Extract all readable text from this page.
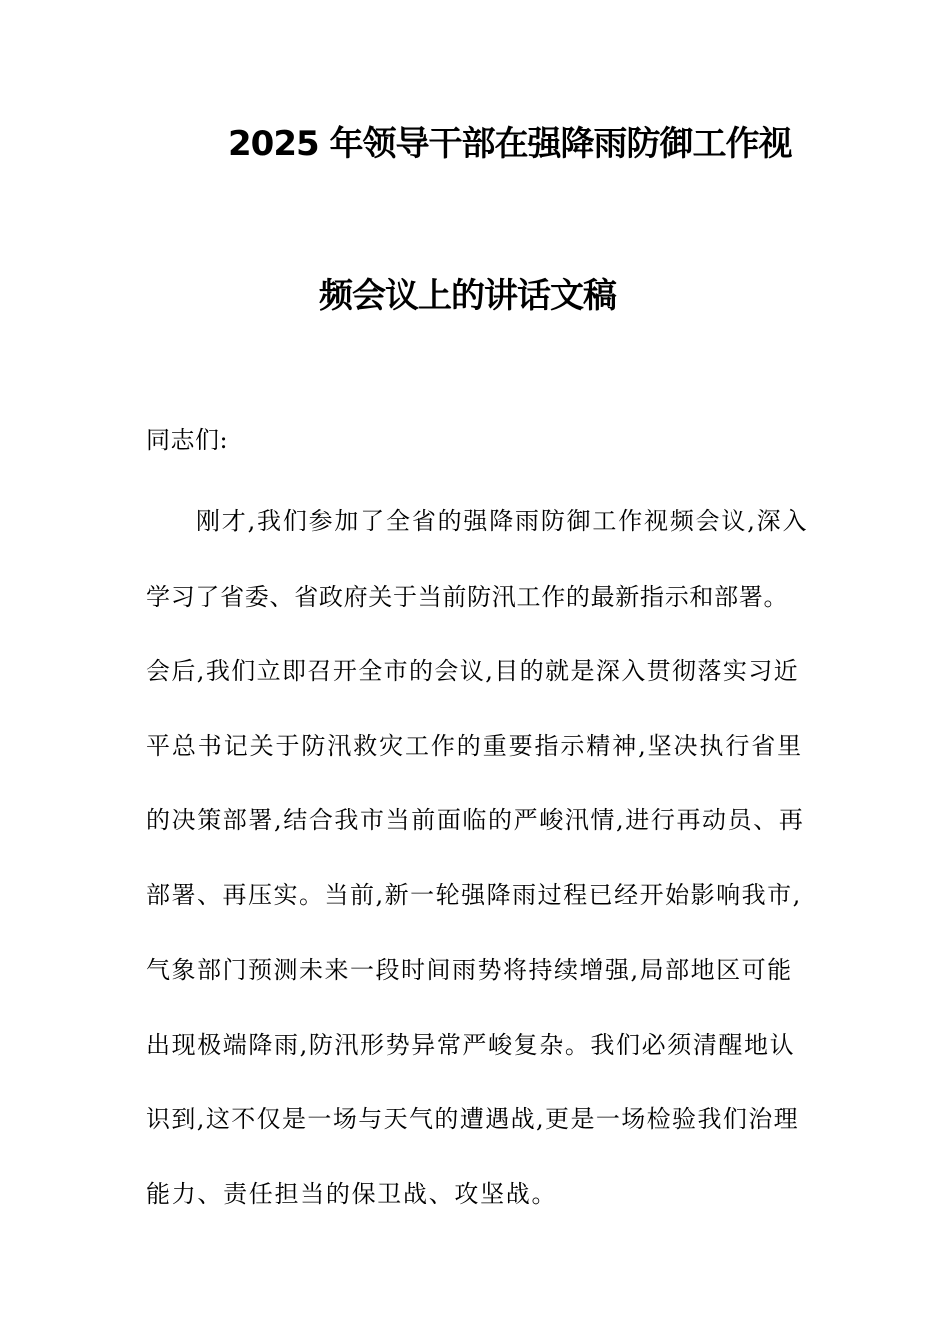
2025 年领导干部在强降雨防御工作视
频会议上的讲话文稿
同志们:
刚才,我们参加了全省的强降雨防御工作视频会议,深入
学习了省委、省政府关于当前防汛工作的最新指示和部署。
会后,我们立即召开全市的会议,目的就是深入贯彻落实习近
平总书记关于防汛救灾工作的重要指示精神,坚决执行省里
的决策部署,结合我市当前面临的严峻汛情,进行再动员、再
部署、再压实。当前,新一轮强降雨过程已经开始影响我市,
气象部门预测未来一段时间雨势将持续增强,局部地区可能
出现极端降雨,防汛形势异常严峻复杂。我们必须清醒地认
识到,这不仅是一场与天气的遭遇战,更是一场检验我们治理
能力、责任担当的保卫战、攻坚战。
